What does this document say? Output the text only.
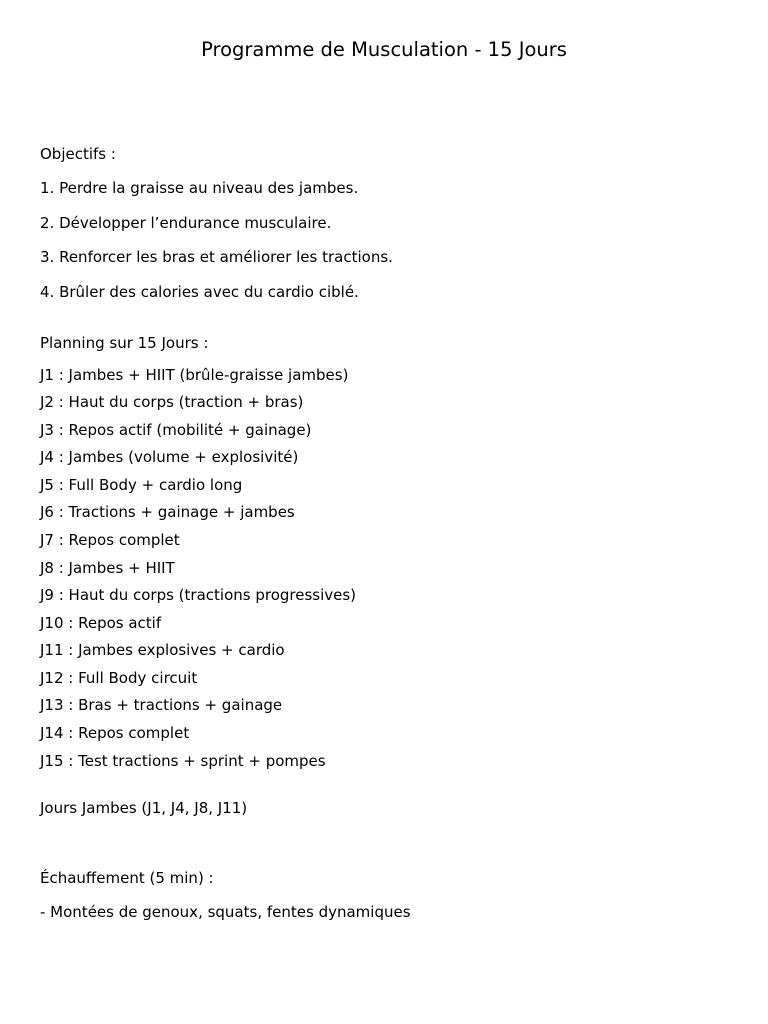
Programme de Musculation - 15 Jours

Objectifs :

1. Perdre la graisse au niveau des jambes.

2. Développer l’endurance musculaire.

3. Renforcer les bras et améliorer les tractions.

4. Brûler des calories avec du cardio ciblé.

Planning sur 15 Jours :

J1 : Jambes + HIIT (brûle-graisse jambes)

J2 : Haut du corps (traction + bras)

J3 : Repos actif (mobilité + gainage)

J4 : Jambes (volume + explosivité)

J5 : Full Body + cardio long

J6 : Tractions + gainage + jambes

J7 : Repos complet

J8 : Jambes + HIIT

J9 : Haut du corps (tractions progressives)

J10 : Repos actif

J11 : Jambes explosives + cardio

J12 : Full Body circuit

J13 : Bras + tractions + gainage

J14 : Repos complet

J15 : Test tractions + sprint + pompes

Jours Jambes (J1, J4, J8, J11)

Échauffement (5 min) :

- Montées de genoux, squats, fentes dynamiques
